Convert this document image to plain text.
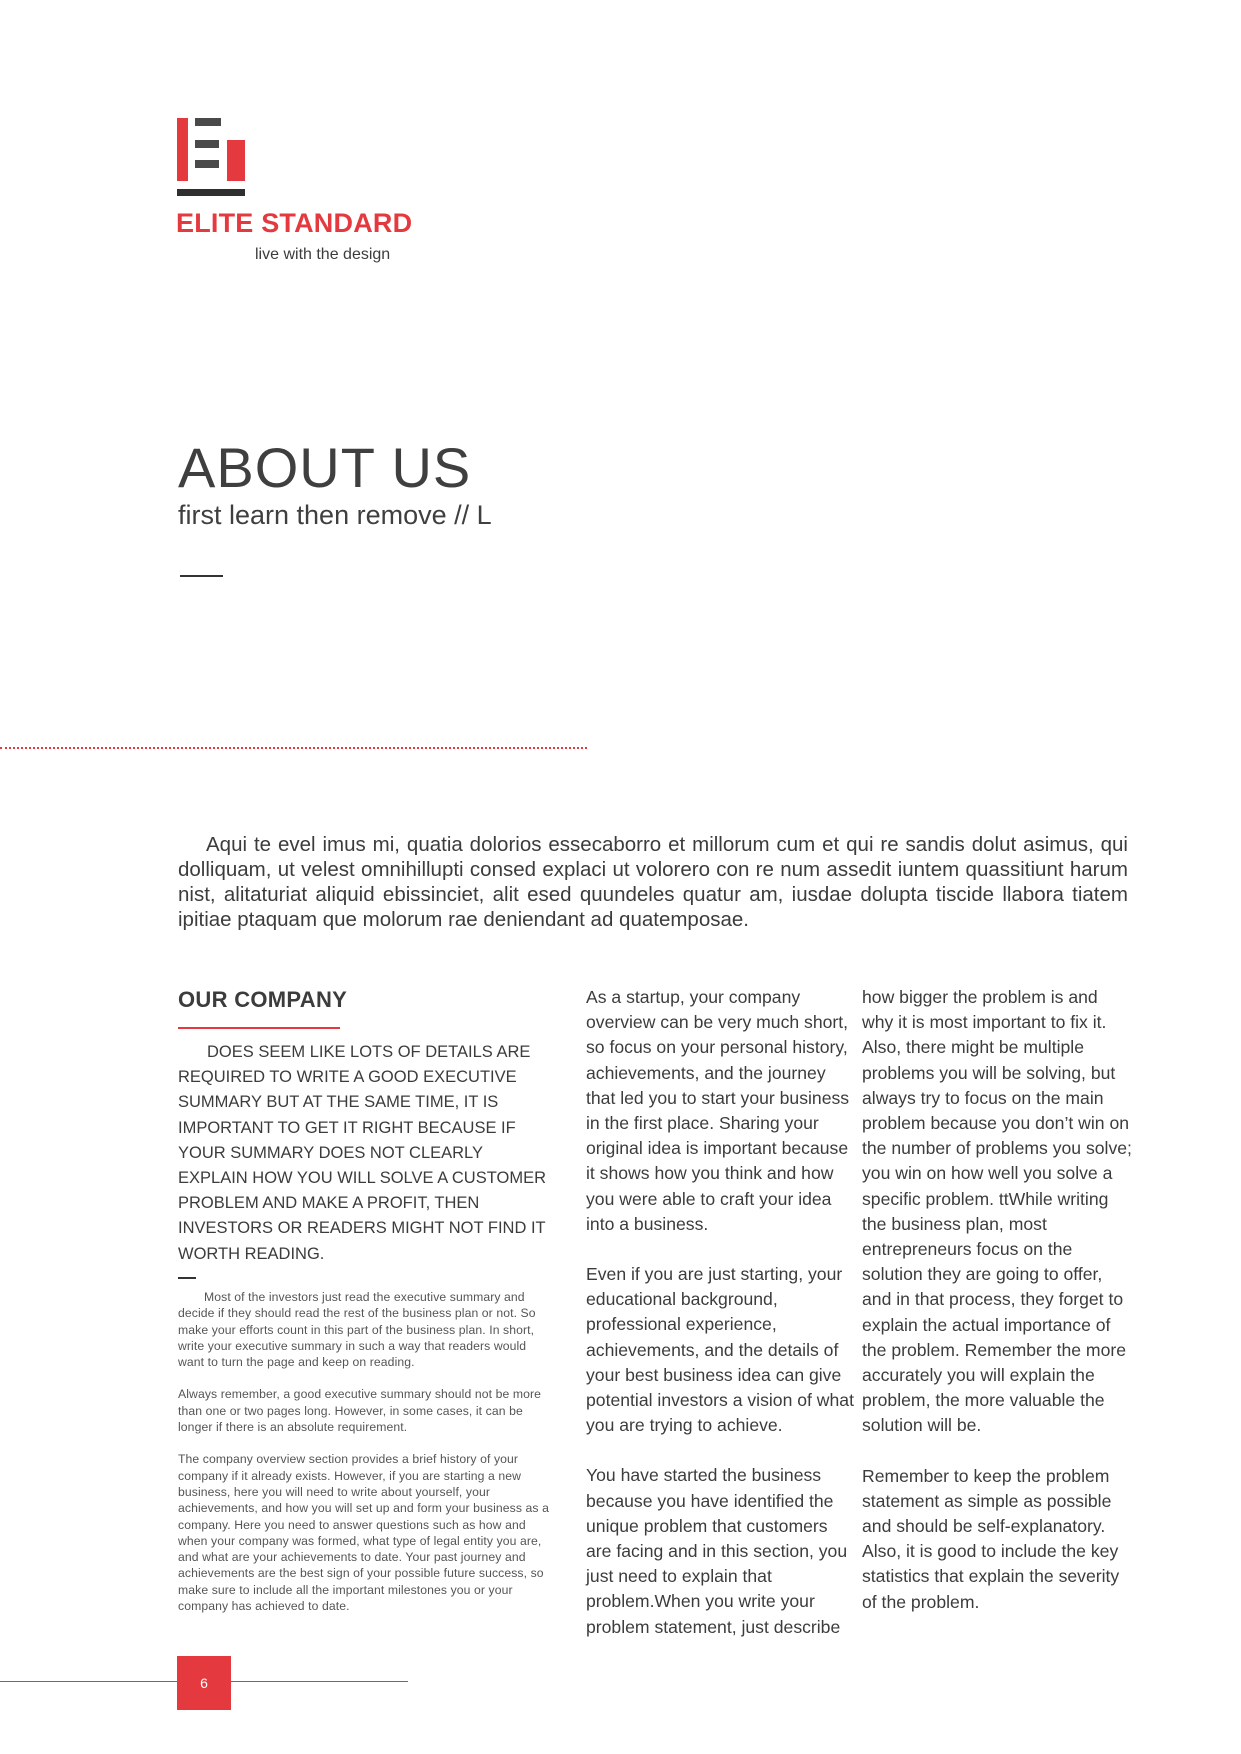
ELITE STANDARD
live with the design
ABOUT US
first learn then remove // L

Aqui te evel imus mi, quatia dolorios essecaborro et millorum cum et qui re sandis dolut asimus, qui dolliquam, ut velest omnihillupti consed explaci ut volorero con re num assedit iuntem quassitiunt harum nist, alitaturiat aliquid ebissinciet, alit esed quundeles quatur am, iusdae dolupta tiscide llabora tiatem ipitiae ptaquam que molorum rae deniendant ad quatemposae.

OUR COMPANY

DOES SEEM LIKE LOTS OF DETAILS ARE REQUIRED TO WRITE A GOOD EXECUTIVE SUMMARY BUT AT THE SAME TIME, IT IS IMPORTANT TO GET IT RIGHT BECAUSE IF YOUR SUMMARY DOES NOT CLEARLY EXPLAIN HOW YOU WILL SOLVE A CUSTOMER PROBLEM AND MAKE A PROFIT, THEN INVESTORS OR READERS MIGHT NOT FIND IT WORTH READING.

Most of the investors just read the executive summary and decide if they should read the rest of the business plan or not. So make your efforts count in this part of the business plan. In short, write your executive summary in such a way that readers would want to turn the page and keep on reading.

Always remember, a good executive summary should not be more than one or two pages long. However, in some cases, it can be longer if there is an absolute requirement.

The company overview section provides a brief history of your company if it already exists. However, if you are starting a new business, here you will need to write about yourself, your achievements, and how you will set up and form your business as a company. Here you need to answer questions such as how and when your company was formed, what type of legal entity you are, and what are your achievements to date. Your past journey and achievements are the best sign of your possible future success, so make sure to include all the important milestones you or your company has achieved to date.

As a startup, your company overview can be very much short, so focus on your personal history, achievements, and the journey that led you to start your business in the first place. Sharing your original idea is important because it shows how you think and how you were able to craft your idea into a business.

Even if you are just starting, your educational background, professional experience, achievements, and the details of your best business idea can give potential investors a vision of what you are trying to achieve.

You have started the business because you have identified the unique problem that customers are facing and in this section, you just need to explain that problem.When you write your problem statement, just describe

how bigger the problem is and why it is most important to fix it. Also, there might be multiple problems you will be solving, but always try to focus on the main problem because you don’t win on the number of problems you solve; you win on how well you solve a specific problem. ttWhile writing the business plan, most entrepreneurs focus on the solution they are going to offer, and in that process, they forget to explain the actual importance of the problem. Remember the more accurately you will explain the problem, the more valuable the solution will be.

Remember to keep the problem statement as simple as possible and should be self-explanatory. Also, it is good to include the key statistics that explain the severity of the problem.

6
